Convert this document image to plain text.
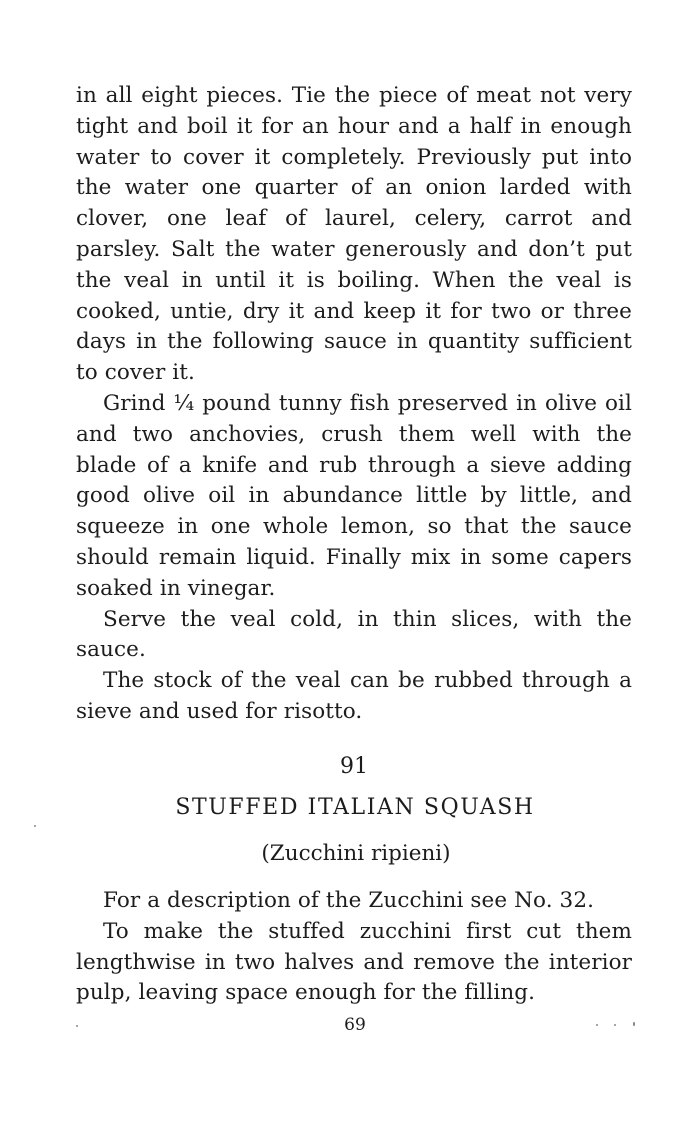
in all eight pieces. Tie the piece of meat not very tight and boil it for an hour and a half in enough water to cover it completely. Previously put into the water one quarter of an onion larded with clover, one leaf of laurel, celery, carrot and parsley. Salt the water generously and don’t put the veal in until it is boiling. When the veal is cooked, untie, dry it and keep it for two or three days in the following sauce in quantity sufficient to cover it.

Grind ¼ pound tunny fish preserved in olive oil and two anchovies, crush them well with the blade of a knife and rub through a sieve adding good olive oil in abundance little by little, and squeeze in one whole lemon, so that the sauce should remain liquid. Finally mix in some capers soaked in vinegar.

Serve the veal cold, in thin slices, with the sauce.

The stock of the veal can be rubbed through a sieve and used for risotto.

91
STUFFED ITALIAN SQUASH
(Zucchini ripieni)

For a description of the Zucchini see No. 32.

To make the stuffed zucchini first cut them lengthwise in two halves and remove the interior pulp, leaving space enough for the filling.

69
